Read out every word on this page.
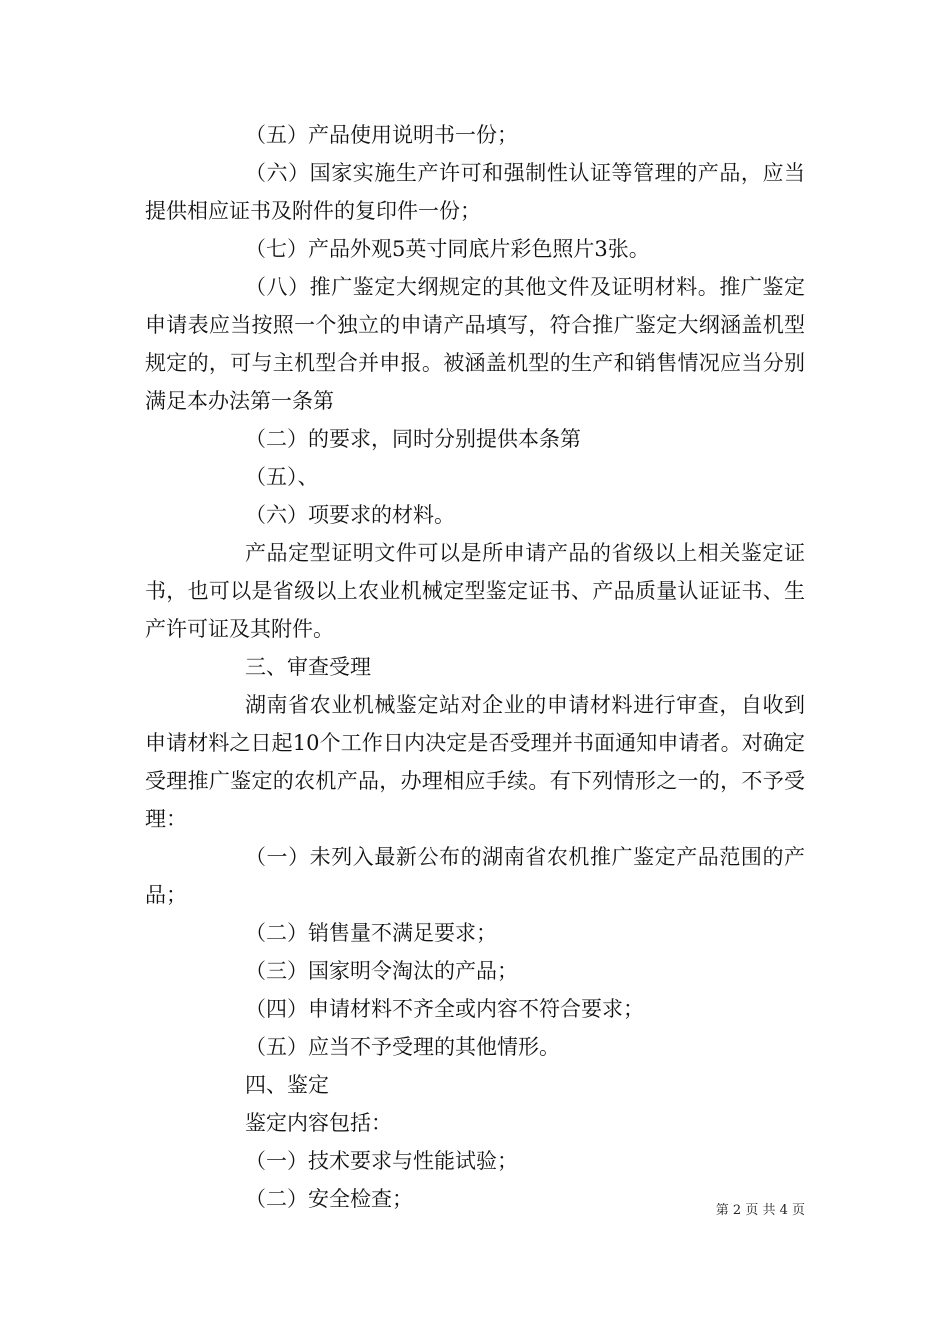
（五）产品使用说明书一份；

（六）国家实施生产许可和强制性认证等管理的产品，应当提供相应证书及附件的复印件一份；

（七）产品外观5英寸同底片彩色照片3张。

（八）推广鉴定大纲规定的其他文件及证明材料。推广鉴定申请表应当按照一个独立的申请产品填写，符合推广鉴定大纲涵盖机型规定的，可与主机型合并申报。被涵盖机型的生产和销售情况应当分别满足本办法第一条第

（二）的要求，同时分别提供本条第

（五）、

（六）项要求的材料。

产品定型证明文件可以是所申请产品的省级以上相关鉴定证书，也可以是省级以上农业机械定型鉴定证书、产品质量认证证书、生产许可证及其附件。

三、审查受理

湖南省农业机械鉴定站对企业的申请材料进行审查，自收到申请材料之日起10个工作日内决定是否受理并书面通知申请者。对确定受理推广鉴定的农机产品，办理相应手续。有下列情形之一的，不予受理：

（一）未列入最新公布的湖南省农机推广鉴定产品范围的产品；

（二）销售量不满足要求；

（三）国家明令淘汰的产品；

（四）申请材料不齐全或内容不符合要求；

（五）应当不予受理的其他情形。

四、鉴定

鉴定内容包括：

（一）技术要求与性能试验；

（二）安全检查；	第 2 页 共 4 页
